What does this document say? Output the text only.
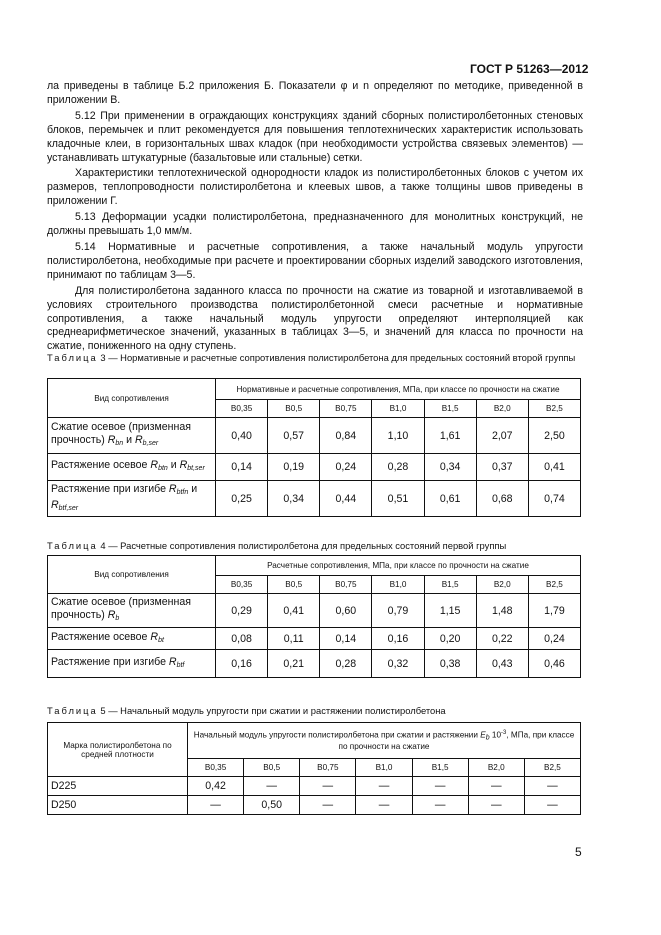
ГОСТ Р 51263—2012

ла приведены в таблице Б.2 приложения Б. Показатели φ и n определяют по методике, приведенной в приложении В.

5.12 При применении в ограждающих конструкциях зданий сборных полистиролбетонных стеновых блоков, перемычек и плит рекомендуется для повышения теплотехнических характеристик использовать кладочные клеи, в горизонтальных швах кладок (при необходимости устройства связевых элементов) — устанавливать штукатурные (базальтовые или стальные) сетки.

Характеристики теплотехнической однородности кладок из полистиролбетонных блоков с учетом их размеров, теплопроводности полистиролбетона и клеевых швов, а также толщины швов приведены в приложении Г.

5.13 Деформации усадки полистиролбетона, предназначенного для монолитных конструкций, не должны превышать 1,0 мм/м.

5.14 Нормативные и расчетные сопротивления, а также начальный модуль упругости полистиролбетона, необходимые при расчете и проектировании сборных изделий заводского изготовления, принимают по таблицам 3—5.

Для полистиролбетона заданного класса по прочности на сжатие из товарной и изготавливаемой в условиях строительного производства полистиролбетонной смеси расчетные и нормативные сопротивления, а также начальный модуль упругости определяют интерполяцией как среднеарифметическое значений, указанных в таблицах 3—5, и значений для класса по прочности на сжатие, пониженного на одну ступень.

Таблица 3 — Нормативные и расчетные сопротивления полистиролбетона для предельных состояний второй группы
Вид сопротивления	Нормативные и расчетные сопротивления, МПа, при классе по прочности на сжатие						
	В0,35	В0,5	В0,75	В1,0	В1,5	В2,0	В2,5
Сжатие осевое (призменная прочность) $R_{bn}$ и $R_{b,ser}$	0,40	0,57	0,84	1,10	1,61	2,07	2,50
Растяжение осевое $R_{btn}$ и $R_{bt,ser}$	0,14	0,19	0,24	0,28	0,34	0,37	0,41
Растяжение при изгибе $R_{btfn}$ и $R_{btf,ser}$	0,25	0,34	0,44	0,51	0,61	0,68	0,74
Таблица 4 — Расчетные сопротивления полистиролбетона для предельных состояний первой группы
Вид сопротивления	Расчетные сопротивления, МПа, при классе по прочности на сжатие						
	В0,35	В0,5	В0,75	В1,0	В1,5	В2,0	В2,5
Сжатие осевое (призменная прочность) $R_b$	0,29	0,41	0,60	0,79	1,15	1,48	1,79
Растяжение осевое $R_{bt}$	0,08	0,11	0,14	0,16	0,20	0,22	0,24
Растяжение при изгибе $R_{btf}$	0,16	0,21	0,28	0,32	0,38	0,43	0,46
Таблица 5 — Начальный модуль упругости при сжатии и растяжении полистиролбетона
Марка полистиролбетона по средней плотности	Начальный модуль упругости полистиролбетона при сжатии и растяжении $E_b$ $10^{-3}$, МПа, при классе по прочности на сжатие						
	В0,35	В0,5	В0,75	В1,0	В1,5	В2,0	В2,5
D225	0,42	—	—	—	—	—	—
D250	—	0,50	—	—	—	—	—
5
